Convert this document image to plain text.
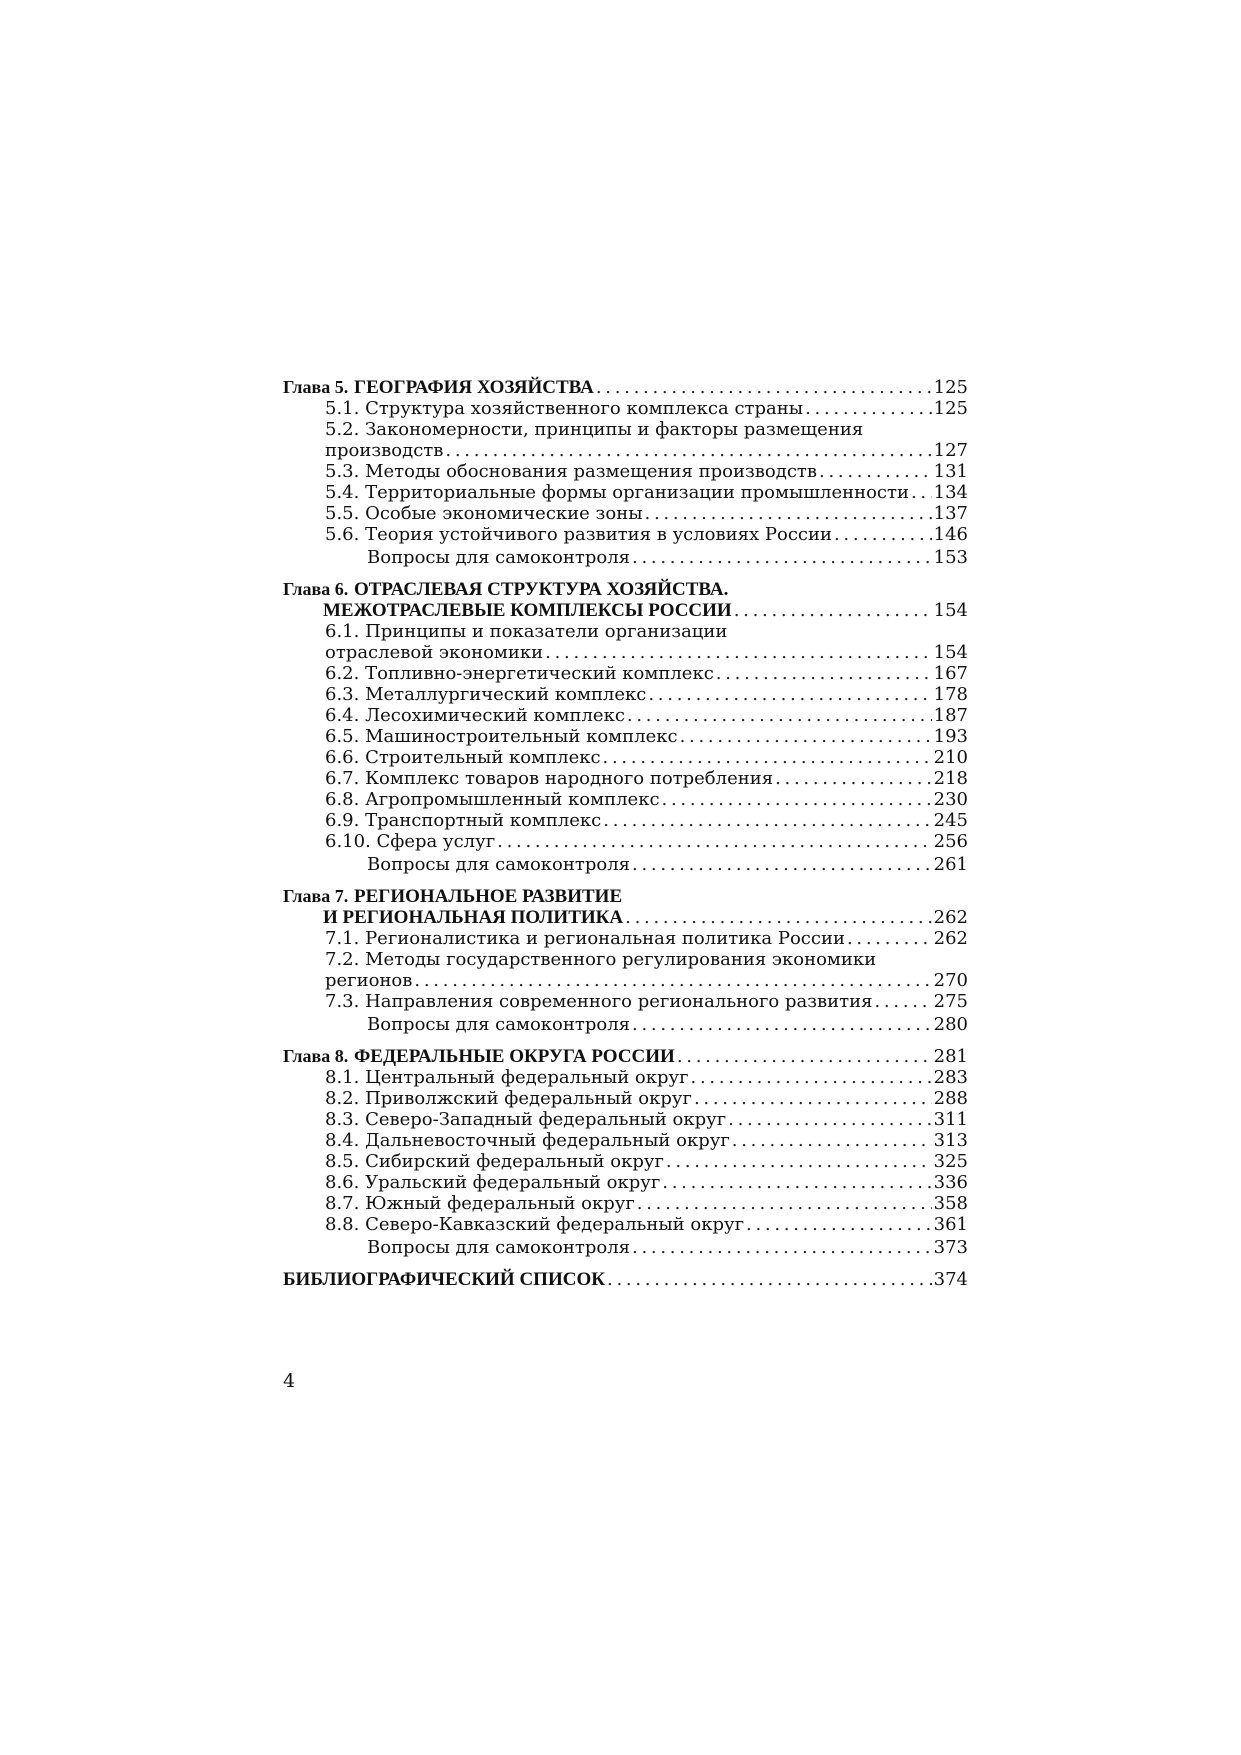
Глава 5. ГЕОГРАФИЯ ХОЗЯЙСТВА . . .	125
5.1. Структура хозяйственного комплекса страны . . .	125
5.2. Закономерности, принципы и факторы размещения
производств . . .	127
5.3. Методы обоснования размещения производств . . .	131
5.4. Территориальные формы организации промышленности . . . 134
5.5. Особые экономические зоны . . .	137
5.6. Теория устойчивого развития в условиях России . . .	146
Вопросы для самоконтроля . . .	153
Глава 6. ОТРАСЛЕВАЯ СТРУКТУРА ХОЗЯЙСТВА.
МЕЖОТРАСЛЕВЫЕ КОМПЛЕКСЫ РОССИИ . . .	154
6.1. Принципы и показатели организации
отраслевой экономики . . .	154
6.2. Топливно-энергетический комплекс . . .	167
6.3. Металлургический комплекс . . .	178
6.4. Лесохимический комплекс . . .	187
6.5. Машиностроительный комплекс . . .	193
6.6. Строительный комплекс . . .	210
6.7. Комплекс товаров народного потребления . . .	218
6.8. Агропромышленный комплекс . . .	230
6.9. Транспортный комплекс . . .	245
6.10. Сфера услуг . . .	256
Вопросы для самоконтроля . . .	261
Глава 7. РЕГИОНАЛЬНОЕ РАЗВИТИЕ
И РЕГИОНАЛЬНАЯ ПОЛИТИКА . . .	262
7.1. Регионалистика и региональная политика России . . .	262
7.2. Методы государственного регулирования экономики
регионов . . .	270
7.3. Направления современного регионального развития . . .	275
Вопросы для самоконтроля . . .	280
Глава 8. ФЕДЕРАЛЬНЫЕ ОКРУГА РОССИИ . . .	281
8.1. Центральный федеральный округ . . .	283
8.2. Приволжский федеральный округ . . .	288
8.3. Северо-Западный федеральный округ . . .	311
8.4. Дальневосточный федеральный округ . . .	313
8.5. Сибирский федеральный округ . . .	325
8.6. Уральский федеральный округ . . .	336
8.7. Южный федеральный округ . . .	358
8.8. Северо-Кавказский федеральный округ . . .	361
Вопросы для самоконтроля . . .	373
БИБЛИОГРАФИЧЕСКИЙ СПИСОК . . .	374
4
